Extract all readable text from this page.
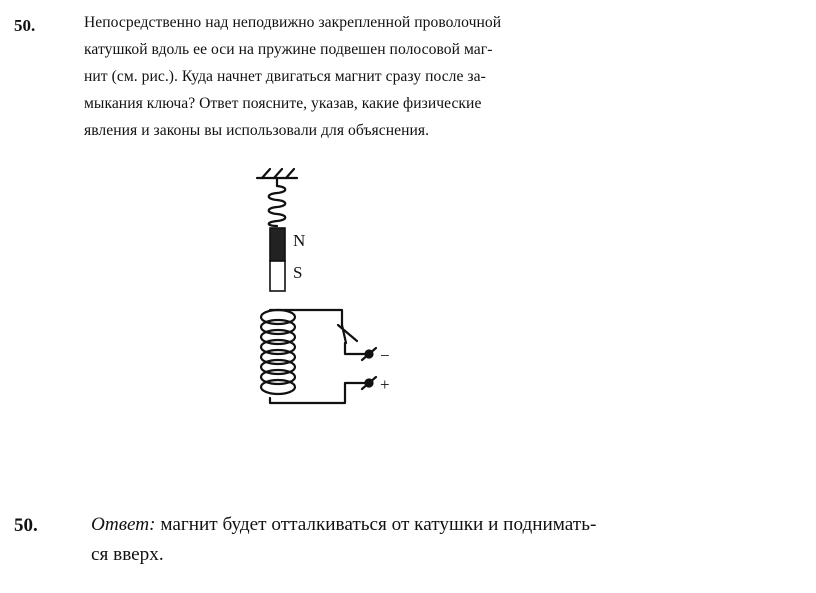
50.	Непосредственно над неподвижно закрепленной проволочной
катушкой вдоль ее оси на пружине подвешен полосовой маг-
нит (см. рис.). Куда начнет двигаться магнит сразу после за-
мыкания ключа? Ответ поясните, указав, какие физические
явления и законы вы использовали для объяснения.
N
S
−
+
50.	Ответ: магнит будет отталкиваться от катушки и поднимать-
ся вверх.
